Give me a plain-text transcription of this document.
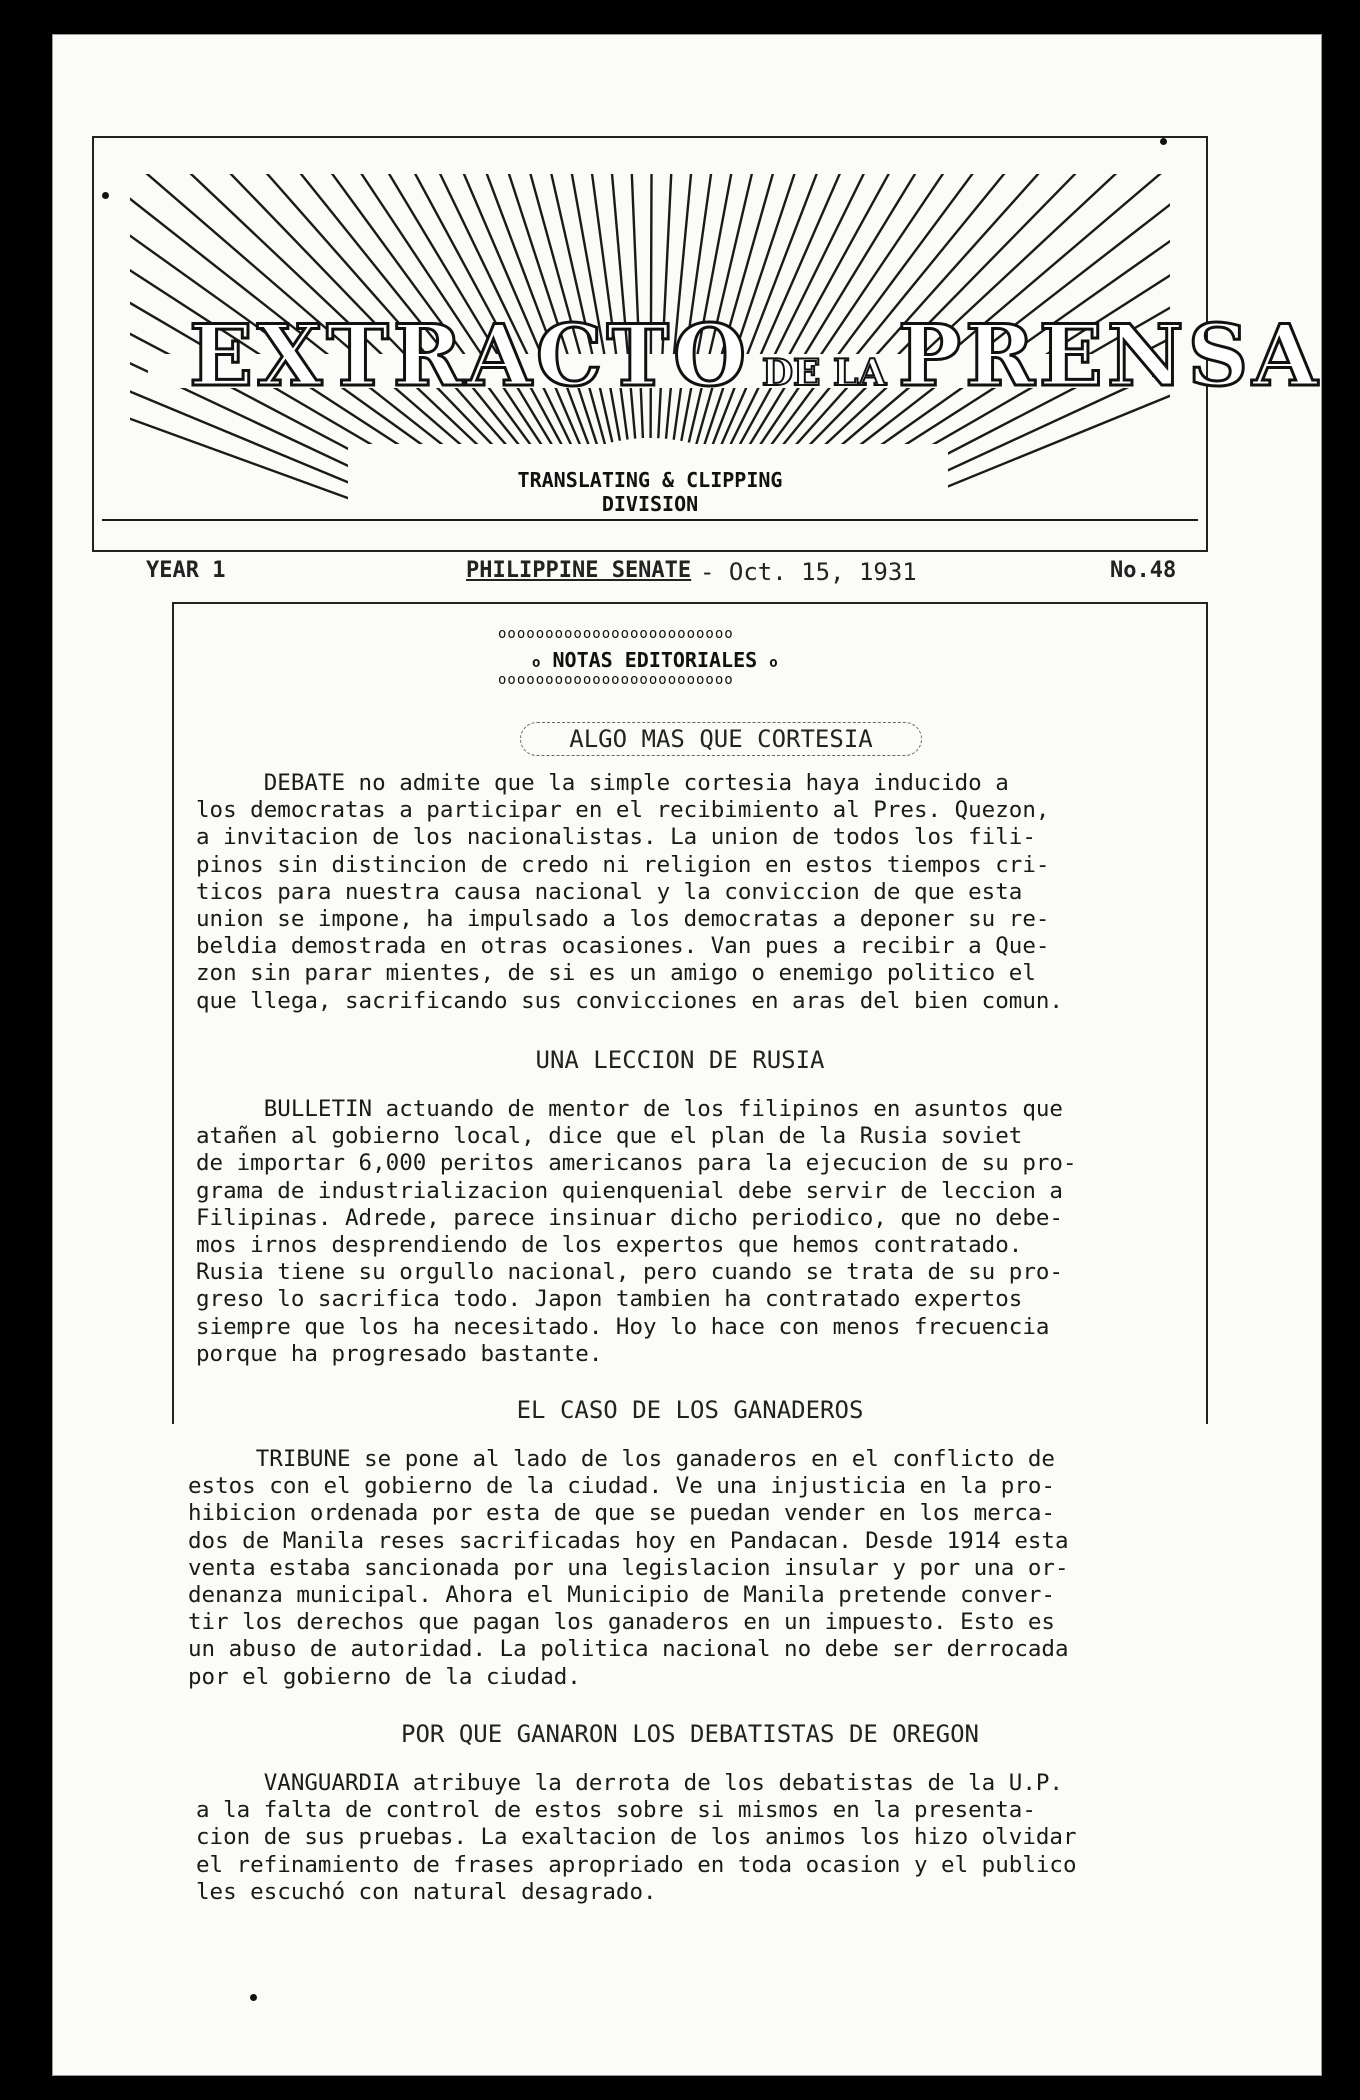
EXTRACTO DE LA PRENSA
TRANSLATING & CLIPPING
DIVISION
YEAR 1	PHILIPPINE SENATE - Oct. 15, 1931	No.48
ooooooooooooooooooooooooo
o NOTAS EDITORIALES o
ooooooooooooooooooooooooo
ALGO MAS QUE CORTESIA
DEBATE no admite que la simple cortesia haya inducido a
los democratas a participar en el recibimiento al Pres. Quezon,
a invitacion de los nacionalistas. La union de todos los fili-
pinos sin distincion de credo ni religion en estos tiempos cri-
ticos para nuestra causa nacional y la conviccion de que esta
union se impone, ha impulsado a los democratas a deponer su re-
beldia demostrada en otras ocasiones. Van pues a recibir a Que-
zon sin parar mientes, de si es un amigo o enemigo politico el
que llega, sacrificando sus convicciones en aras del bien comun.
UNA LECCION DE RUSIA
BULLETIN actuando de mentor de los filipinos en asuntos que
atañen al gobierno local, dice que el plan de la Rusia soviet
de importar 6,000 peritos americanos para la ejecucion de su pro-
grama de industrializacion quienquenial debe servir de leccion a
Filipinas. Adrede, parece insinuar dicho periodico, que no debe-
mos irnos desprendiendo de los expertos que hemos contratado.
Rusia tiene su orgullo nacional, pero cuando se trata de su pro-
greso lo sacrifica todo. Japon tambien ha contratado expertos
siempre que los ha necesitado. Hoy lo hace con menos frecuencia
porque ha progresado bastante.
EL CASO DE LOS GANADEROS
TRIBUNE se pone al lado de los ganaderos en el conflicto de
estos con el gobierno de la ciudad. Ve una injusticia en la pro-
hibicion ordenada por esta de que se puedan vender en los merca-
dos de Manila reses sacrificadas hoy en Pandacan. Desde 1914 esta
venta estaba sancionada por una legislacion insular y por una or-
denanza municipal. Ahora el Municipio de Manila pretende conver-
tir los derechos que pagan los ganaderos en un impuesto. Esto es
un abuso de autoridad. La politica nacional no debe ser derrocada
por el gobierno de la ciudad.
POR QUE GANARON LOS DEBATISTAS DE OREGON
VANGUARDIA atribuye la derrota de los debatistas de la U.P.
a la falta de control de estos sobre si mismos en la presenta-
cion de sus pruebas. La exaltacion de los animos los hizo olvidar
el refinamiento de frases apropriado en toda ocasion y el publico
les escuchó con natural desagrado.
